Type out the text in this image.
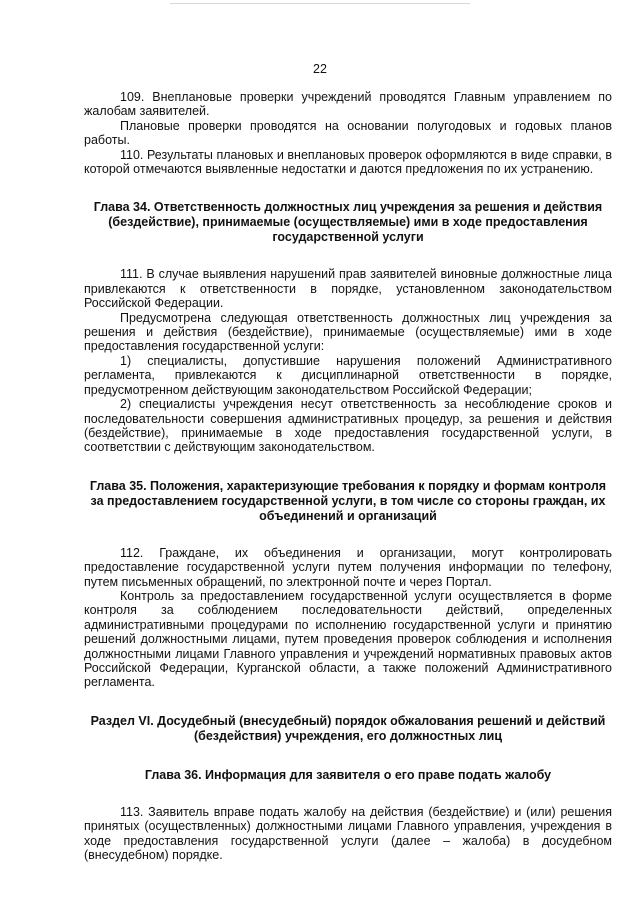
22

109. Внеплановые проверки учреждений проводятся Главным управлением по жалобам заявителей.

Плановые проверки проводятся на основании полугодовых и годовых планов работы.

110. Результаты плановых и внеплановых проверок оформляются в виде справки, в которой отмечаются выявленные недостатки и даются предложения по их устранению.

Глава 34. Ответственность должностных лиц учреждения за решения и действия (бездействие), принимаемые (осуществляемые) ими в ходе предоставления государственной услуги

111. В случае выявления нарушений прав заявителей виновные должностные лица привлекаются к ответственности в порядке, установленном законодательством Российской Федерации.

Предусмотрена следующая ответственность должностных лиц учреждения за решения и действия (бездействие), принимаемые (осуществляемые) ими в ходе предоставления государственной услуги:

1) специалисты, допустившие нарушения положений Административного регламента, привлекаются к дисциплинарной ответственности в порядке, предусмотренном действующим законодательством Российской Федерации;

2) специалисты учреждения несут ответственность за несоблюдение сроков и последовательности совершения административных процедур, за решения и действия (бездействие), принимаемые в ходе предоставления государственной услуги, в соответствии с действующим законодательством.

Глава 35. Положения, характеризующие требования к порядку и формам контроля за предоставлением государственной услуги, в том числе со стороны граждан, их объединений и организаций

112. Граждане, их объединения и организации, могут контролировать предоставление государственной услуги путем получения информации по телефону, путем письменных обращений, по электронной почте и через Портал.

Контроль за предоставлением государственной услуги осуществляется в форме контроля за соблюдением последовательности действий, определенных административными процедурами по исполнению государственной услуги и принятию решений должностными лицами, путем проведения проверок соблюдения и исполнения должностными лицами Главного управления и учреждений нормативных правовых актов Российской Федерации, Курганской области, а также положений Административного регламента.

Раздел VI. Досудебный (внесудебный) порядок обжалования решений и действий (бездействия) учреждения, его должностных лиц
Глава 36. Информация для заявителя о его праве подать жалобу

113. Заявитель вправе подать жалобу на действия (бездействие) и (или) решения принятых (осуществленных) должностными лицами Главного управления, учреждения в ходе предоставления государственной услуги (далее – жалоба) в досудебном (внесудебном) порядке.
